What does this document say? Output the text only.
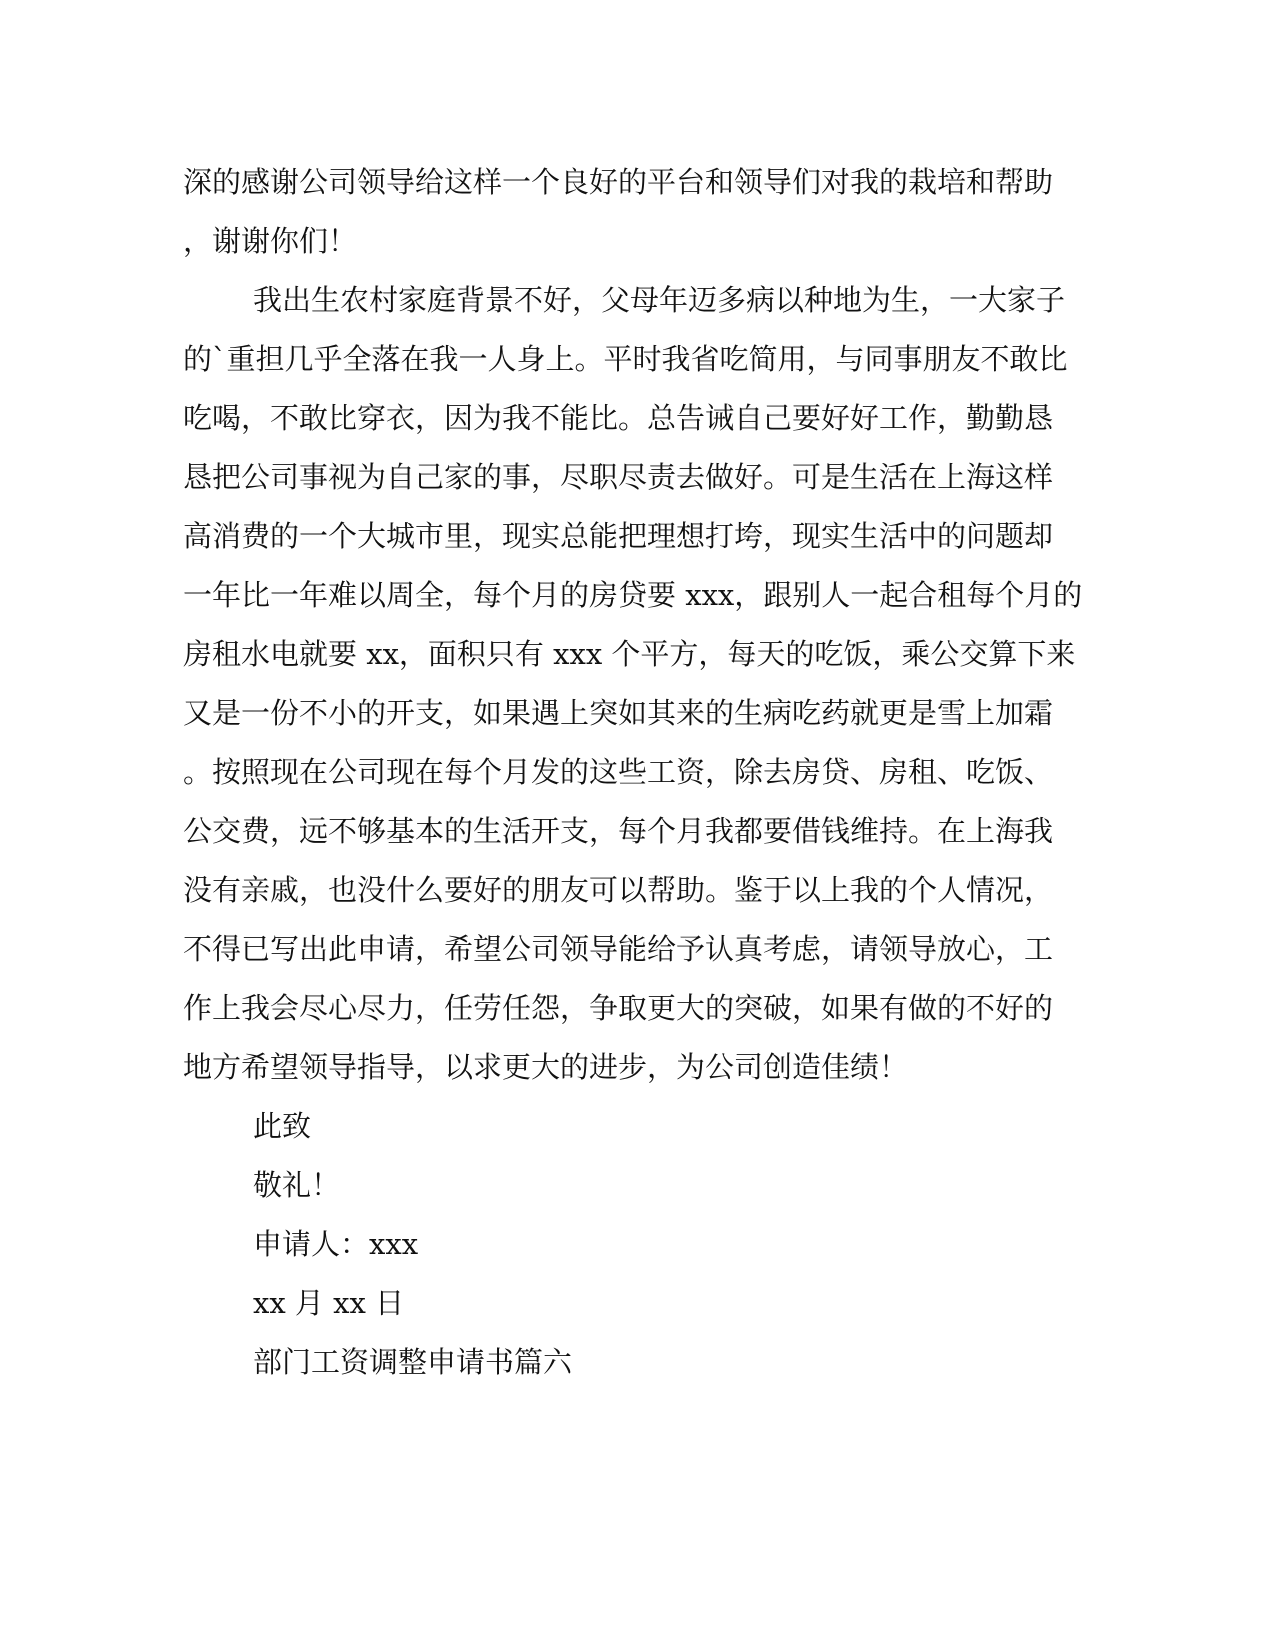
深的感谢公司领导给这样一个良好的平台和领导们对我的栽培和帮助
，谢谢你们！
我出生农村家庭背景不好，父母年迈多病以种地为生，一大家子
的`重担几乎全落在我一人身上。平时我省吃简用，与同事朋友不敢比
吃喝，不敢比穿衣，因为我不能比。总告诫自己要好好工作，勤勤恳
恳把公司事视为自己家的事，尽职尽责去做好。可是生活在上海这样
高消费的一个大城市里，现实总能把理想打垮，现实生活中的问题却
一年比一年难以周全，每个月的房贷要 xxx，跟别人一起合租每个月的
房租水电就要 xx，面积只有 xxx 个平方，每天的吃饭，乘公交算下来
又是一份不小的开支，如果遇上突如其来的生病吃药就更是雪上加霜
。按照现在公司现在每个月发的这些工资，除去房贷、房租、吃饭、
公交费，远不够基本的生活开支，每个月我都要借钱维持。在上海我
没有亲戚，也没什么要好的朋友可以帮助。鉴于以上我的个人情况，
不得已写出此申请，希望公司领导能给予认真考虑，请领导放心，工
作上我会尽心尽力，任劳任怨，争取更大的突破，如果有做的不好的
地方希望领导指导，以求更大的进步，为公司创造佳绩！
此致
敬礼！
申请人：xxx
xx 月 xx 日
部门工资调整申请书篇六
